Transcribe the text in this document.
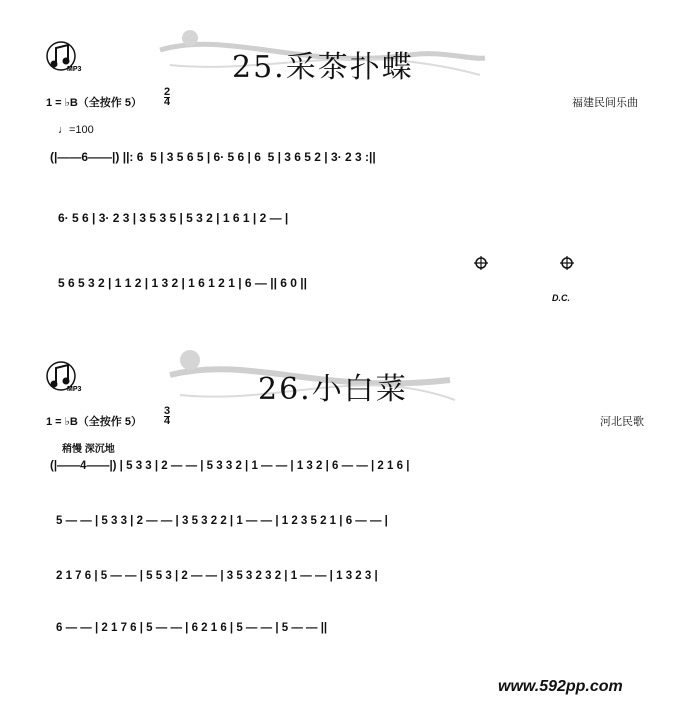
MP3	25.采茶扑蝶
1 = ♭B（全按作 5）
2
4	福建民间乐曲
♩=100
(|——6——|) ||: 6  5 | 3 5 6 5 | 6· 5 6 | 6  5 | 3 6 5 2 | 3· 2 3 :||
6· 5 6 | 3· 2 3 | 3 5 3 5 | 5 3 2 | 1 6 1 | 2 — |
5 6 5 3 2 | 1 1 2 | 1 3 2 | 1 6 1 2 1 | 6 — || 6 0 ||
D.C.
MP3	26.小白菜
1 = ♭B（全按作 5）
3
4	河北民歌
稍慢 深沉地
(|——4——|) | 5 3 3 | 2 — — | 5 3 3 2 | 1 — — | 1 3 2 | 6 — — | 2 1 6 |
5 — — | 5 3 3 | 2 — — | 3 5 3 2 2 | 1 — — | 1 2 3 5 2 1 | 6 — — |
2 1 7 6 | 5 — — | 5 5 3 | 2 — — | 3 5 3 2 3 2 | 1 — — | 1 3 2 3 |
6 — — | 2 1 7 6 | 5 — — | 6 2 1 6 | 5 — — | 5 — — ||
www.592pp.com
